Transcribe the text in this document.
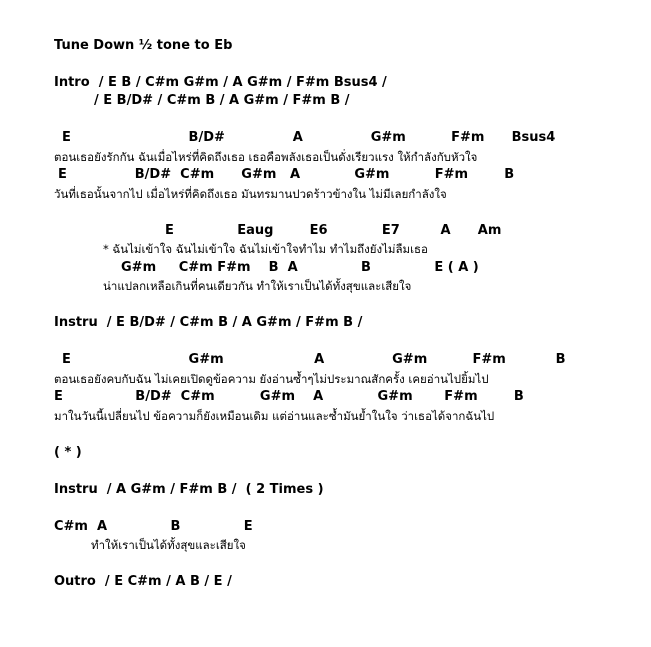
Tune Down ½ tone to Eb
Intro  / E B / C#m G#m / A G#m / F#m Bsus4 /
/ E B/D# / C#m B / A G#m / F#m B /
E                          B/D#               A               G#m          F#m      Bsus4
ตอนเธอยังรักกัน ฉันเมื่อไหร่ที่คิดถึงเธอ เธอคือพลังเธอเป็นดั่งเรียวแรง ให้กำลังกับหัวใจ
E               B/D#  C#m      G#m   A            G#m          F#m        B
วันที่เธอนั้นจากไป เมื่อไหร่ที่คิดถึงเธอ มันทรมานปวดร้าวข้างใน ไม่มีเลยกำลังใจ
E              Eaug        E6            E7         A      Am
* ฉันไม่เข้าใจ ฉันไม่เข้าใจ ฉันไม่เข้าใจทำไม ทำไมถึงยังไม่ลืมเธอ
G#m     C#m F#m    B  A              B              E ( A )
น่าแปลกเหลือเกินที่คนเดียวกัน ทำให้เราเป็นได้ทั้งสุขและเสียใจ
Instru  / E B/D# / C#m B / A G#m / F#m B /
E                          G#m                    A               G#m          F#m           B
ตอนเธอยังคบกับฉัน ไม่เคยเปิดดูข้อความ ยังอ่านซ้ำๆไม่ประมาณสักครั้ง เคยอ่านไปยิ้มไป
E                B/D#  C#m          G#m    A            G#m       F#m        B
มาในวันนี้เปลี่ยนไป ข้อความก็ยังเหมือนเดิม แต่อ่านและซ้ำมันย้ำในใจ ว่าเธอได้จากฉันไป
( * )
Instru  / A G#m / F#m B /  ( 2 Times )
C#m  A              B              E
ทำให้เราเป็นได้ทั้งสุขและเสียใจ
Outro  / E C#m / A B / E /
